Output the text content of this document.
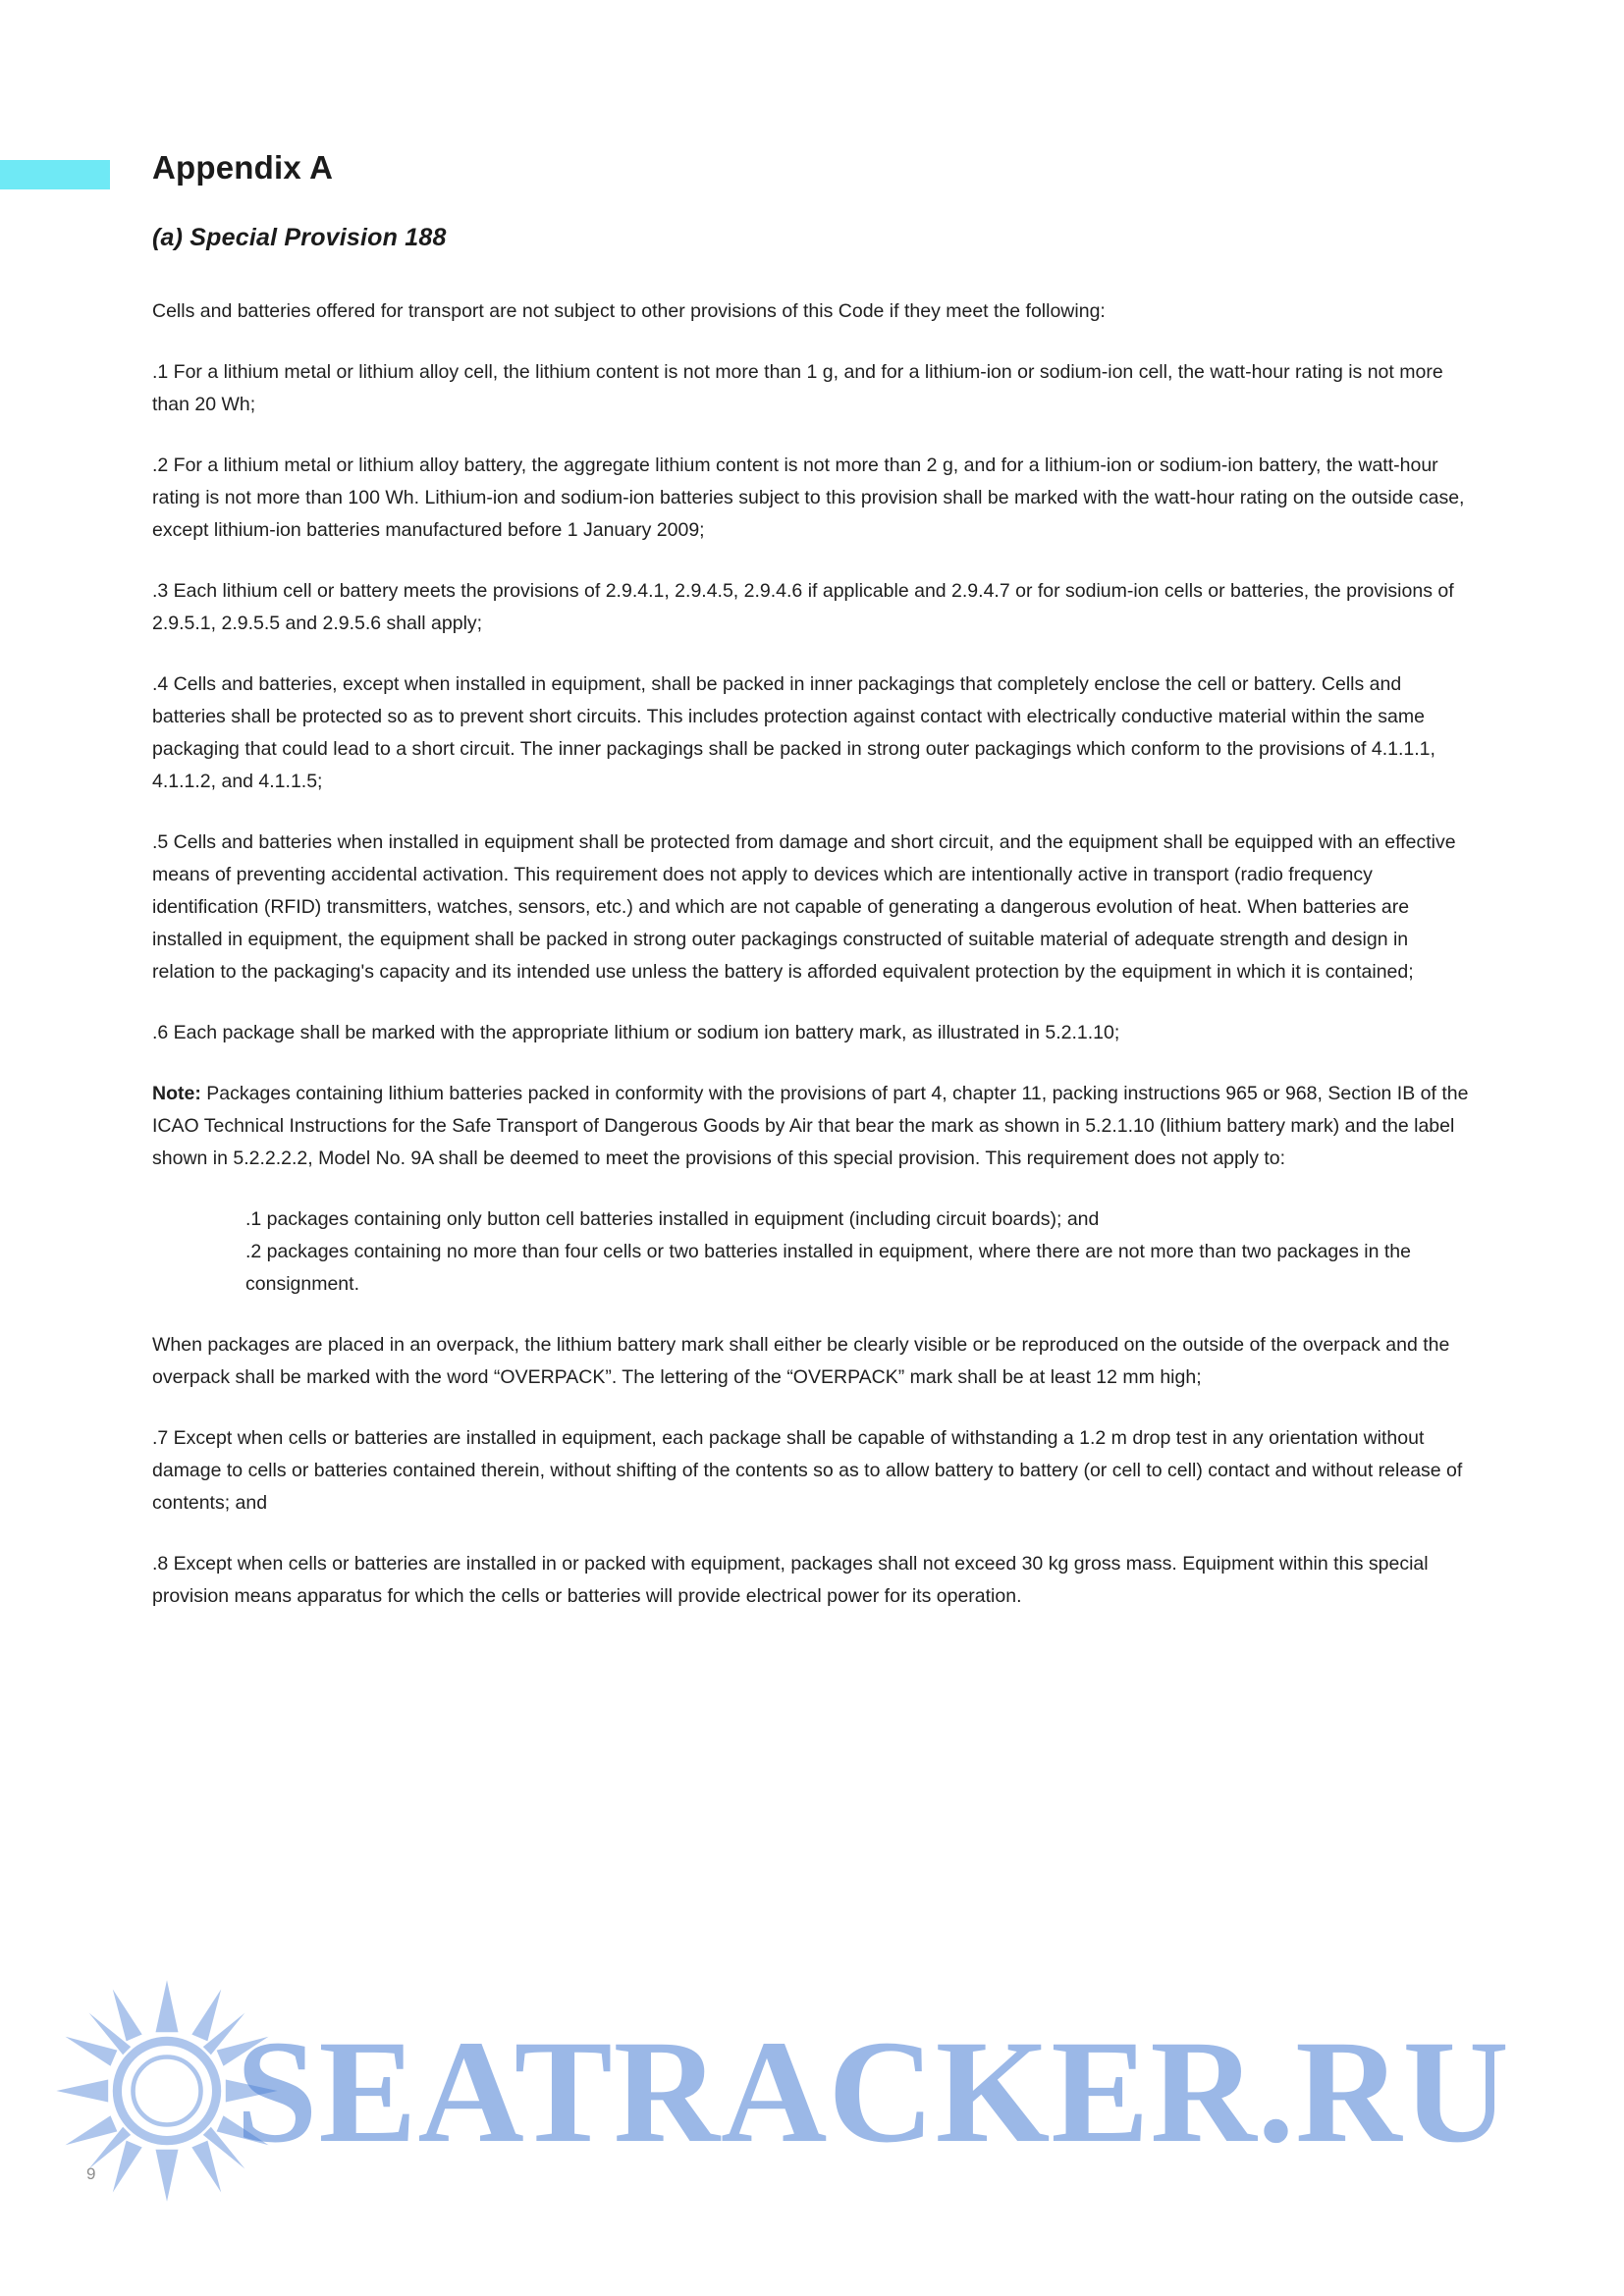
Appendix A
(a) Special Provision 188

Cells and batteries offered for transport are not subject to other provisions of this Code if they meet the following:

.1 For a lithium metal or lithium alloy cell, the lithium content is not more than 1 g, and for a lithium-ion or sodium-ion cell, the watt-hour rating is not more than 20 Wh;

.2 For a lithium metal or lithium alloy battery, the aggregate lithium content is not more than 2 g, and for a lithium-ion or sodium-ion battery, the watt-hour rating is not more than 100 Wh. Lithium-ion and sodium-ion batteries subject to this provision shall be marked with the watt-hour rating on the outside case, except lithium-ion batteries manufactured before 1 January 2009;

.3 Each lithium cell or battery meets the provisions of 2.9.4.1, 2.9.4.5, 2.9.4.6 if applicable and 2.9.4.7 or for sodium-ion cells or batteries, the provisions of 2.9.5.1, 2.9.5.5 and 2.9.5.6 shall apply;

.4 Cells and batteries, except when installed in equipment, shall be packed in inner packagings that completely enclose the cell or battery. Cells and batteries shall be protected so as to prevent short circuits. This includes protection against contact with electrically conductive material within the same packaging that could lead to a short circuit. The inner packagings shall be packed in strong outer packagings which conform to the provisions of 4.1.1.1, 4.1.1.2, and 4.1.1.5;

.5 Cells and batteries when installed in equipment shall be protected from damage and short circuit, and the equipment shall be equipped with an effective means of preventing accidental activation. This requirement does not apply to devices which are intentionally active in transport (radio frequency identification (RFID) transmitters, watches, sensors, etc.) and which are not capable of generating a dangerous evolution of heat. When batteries are installed in equipment, the equipment shall be packed in strong outer packagings constructed of suitable material of adequate strength and design in relation to the packaging's capacity and its intended use unless the battery is afforded equivalent protection by the equipment in which it is contained;

.6 Each package shall be marked with the appropriate lithium or sodium ion battery mark, as illustrated in 5.2.1.10;

Note: Packages containing lithium batteries packed in conformity with the provisions of part 4, chapter 11, packing instructions 965 or 968, Section IB of the ICAO Technical Instructions for the Safe Transport of Dangerous Goods by Air that bear the mark as shown in 5.2.1.10 (lithium battery mark) and the label shown in 5.2.2.2.2, Model No. 9A shall be deemed to meet the provisions of this special provision. This requirement does not apply to:

.1 packages containing only button cell batteries installed in equipment (including circuit boards); and
.2 packages containing no more than four cells or two batteries installed in equipment, where there are not more than two packages in the consignment.

When packages are placed in an overpack, the lithium battery mark shall either be clearly visible or be reproduced on the outside of the overpack and the overpack shall be marked with the word “OVERPACK”. The lettering of the “OVERPACK” mark shall be at least 12 mm high;

.7 Except when cells or batteries are installed in equipment, each package shall be capable of withstanding a 1.2 m drop test in any orientation without damage to cells or batteries contained therein, without shifting of the contents so as to allow battery to battery (or cell to cell) contact and without release of contents; and

.8 Except when cells or batteries are installed in or packed with equipment, packages shall not exceed 30 kg gross mass. Equipment within this special provision means apparatus for which the cells or batteries will provide electrical power for its operation.

9
SEATRACKER.RU
